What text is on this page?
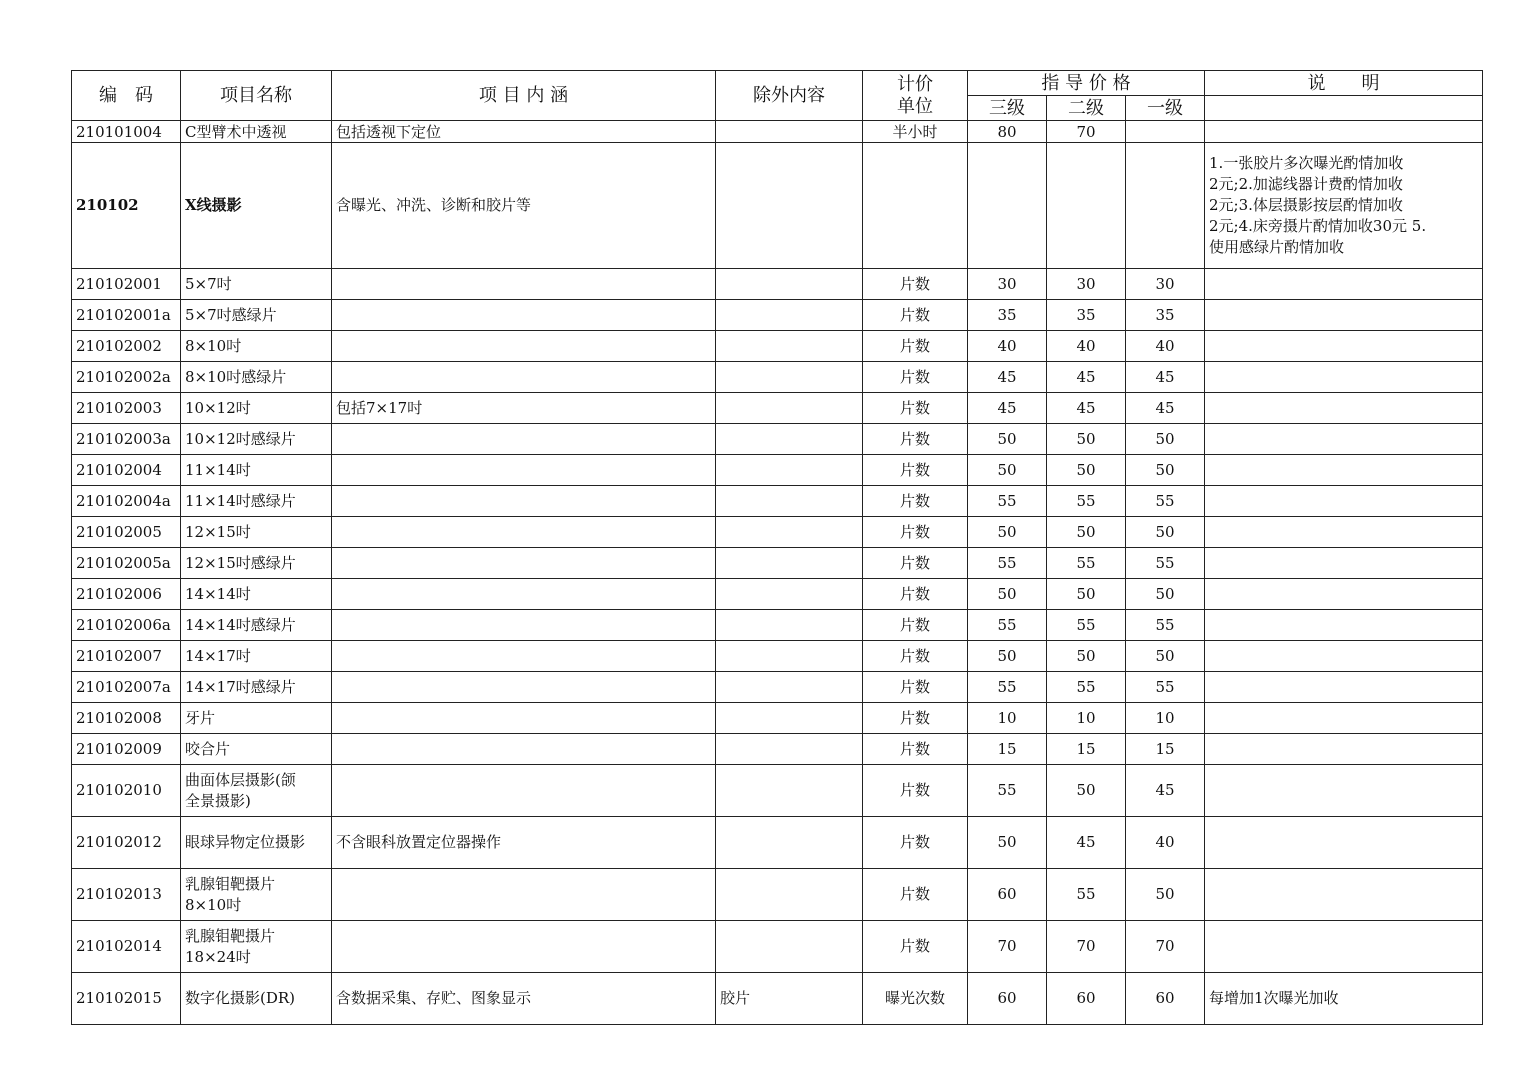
编　码	项目名称	项 目 内 涵	除外内容	计价
单位	指 导 价 格			说　　明
					三级	二级	一级	
210101004	C型臂术中透视	包括透视下定位		半小时	80	70		
210102	X线摄影	含曝光、冲洗、诊断和胶片等						1.一张胶片多次曝光酌情加收
2元;2.加滤线器计费酌情加收
2元;3.体层摄影按层酌情加收
2元;4.床旁摄片酌情加收30元 5.
使用感绿片酌情加收
210102001	5×7吋			片数	30	30	30	
210102001a	5×7吋感绿片			片数	35	35	35	
210102002	8×10吋			片数	40	40	40	
210102002a	8×10吋感绿片			片数	45	45	45	
210102003	10×12吋	包括7×17吋		片数	45	45	45	
210102003a	10×12吋感绿片			片数	50	50	50	
210102004	11×14吋			片数	50	50	50	
210102004a	11×14吋感绿片			片数	55	55	55	
210102005	12×15吋			片数	50	50	50	
210102005a	12×15吋感绿片			片数	55	55	55	
210102006	14×14吋			片数	50	50	50	
210102006a	14×14吋感绿片			片数	55	55	55	
210102007	14×17吋			片数	50	50	50	
210102007a	14×17吋感绿片			片数	55	55	55	
210102008	牙片			片数	10	10	10	
210102009	咬合片			片数	15	15	15	
210102010	曲面体层摄影(颌
全景摄影)			片数	55	50	45	
210102012	眼球异物定位摄影	不含眼科放置定位器操作		片数	50	45	40	
210102013	乳腺钼靶摄片
8×10吋			片数	60	55	50	
210102014	乳腺钼靶摄片
18×24吋			片数	70	70	70	
210102015	数字化摄影(DR)	含数据采集、存贮、图象显示	胶片	曝光次数	60	60	60	每增加1次曝光加收
